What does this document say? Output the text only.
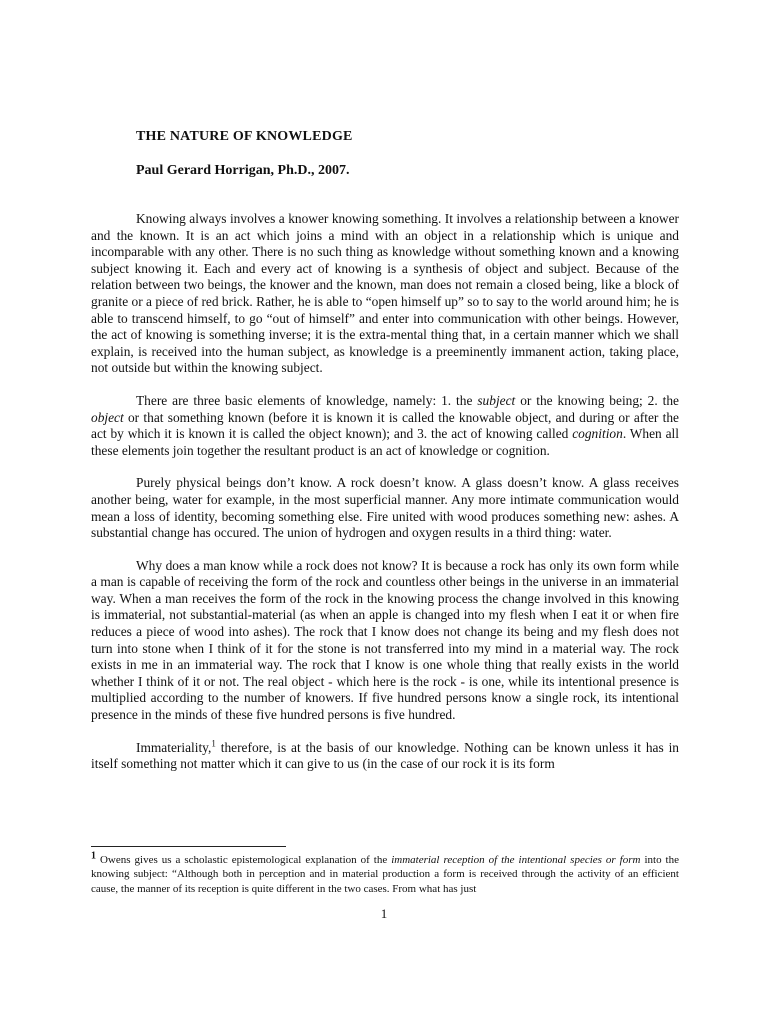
THE NATURE OF KNOWLEDGE
Paul Gerard Horrigan, Ph.D., 2007.

Knowing always involves a knower knowing something. It involves a relationship between a knower and the known. It is an act which joins a mind with an object in a relationship which is unique and incomparable with any other. There is no such thing as knowledge without something known and a knowing subject knowing it. Each and every act of knowing is a synthesis of object and subject. Because of the relation between two beings, the knower and the known, man does not remain a closed being, like a block of granite or a piece of red brick. Rather, he is able to “open himself up” so to say to the world around him; he is able to transcend himself, to go “out of himself” and enter into communication with other beings. However, the act of knowing is something inverse; it is the extra-mental thing that, in a certain manner which we shall explain, is received into the human subject, as knowledge is a preeminently immanent action, taking place, not outside but within the knowing subject.

There are three basic elements of knowledge, namely: 1. the subject or the knowing being; 2. the object or that something known (before it is known it is called the knowable object, and during or after the act by which it is known it is called the object known); and 3. the act of knowing called cognition. When all these elements join together the resultant product is an act of knowledge or cognition.

Purely physical beings don’t know. A rock doesn’t know. A glass doesn’t know. A glass receives another being, water for example, in the most superficial manner. Any more intimate communication would mean a loss of identity, becoming something else. Fire united with wood produces something new: ashes. A substantial change has occured. The union of hydrogen and oxygen results in a third thing: water.

Why does a man know while a rock does not know? It is because a rock has only its own form while a man is capable of receiving the form of the rock and countless other beings in the universe in an immaterial way. When a man receives the form of the rock in the knowing process the change involved in this knowing is immaterial, not substantial-material (as when an apple is changed into my flesh when I eat it or when fire reduces a piece of wood into ashes). The rock that I know does not change its being and my flesh does not turn into stone when I think of it for the stone is not transferred into my mind in a material way. The rock exists in me in an immaterial way. The rock that I know is one whole thing that really exists in the world whether I think of it or not. The real object - which here is the rock - is one, while its intentional presence is multiplied according to the number of knowers. If five hundred persons know a single rock, its intentional presence in the minds of these five hundred persons is five hundred.

Immateriality,$^1$ therefore, is at the basis of our knowledge. Nothing can be known unless it has in itself something not matter which it can give to us (in the case of our rock it is its form

1 Owens gives us a scholastic epistemological explanation of the immaterial reception of the intentional species or form into the knowing subject: “Although both in perception and in material production a form is received through the activity of an efficient cause, the manner of its reception is quite different in the two cases. From what has just
1
